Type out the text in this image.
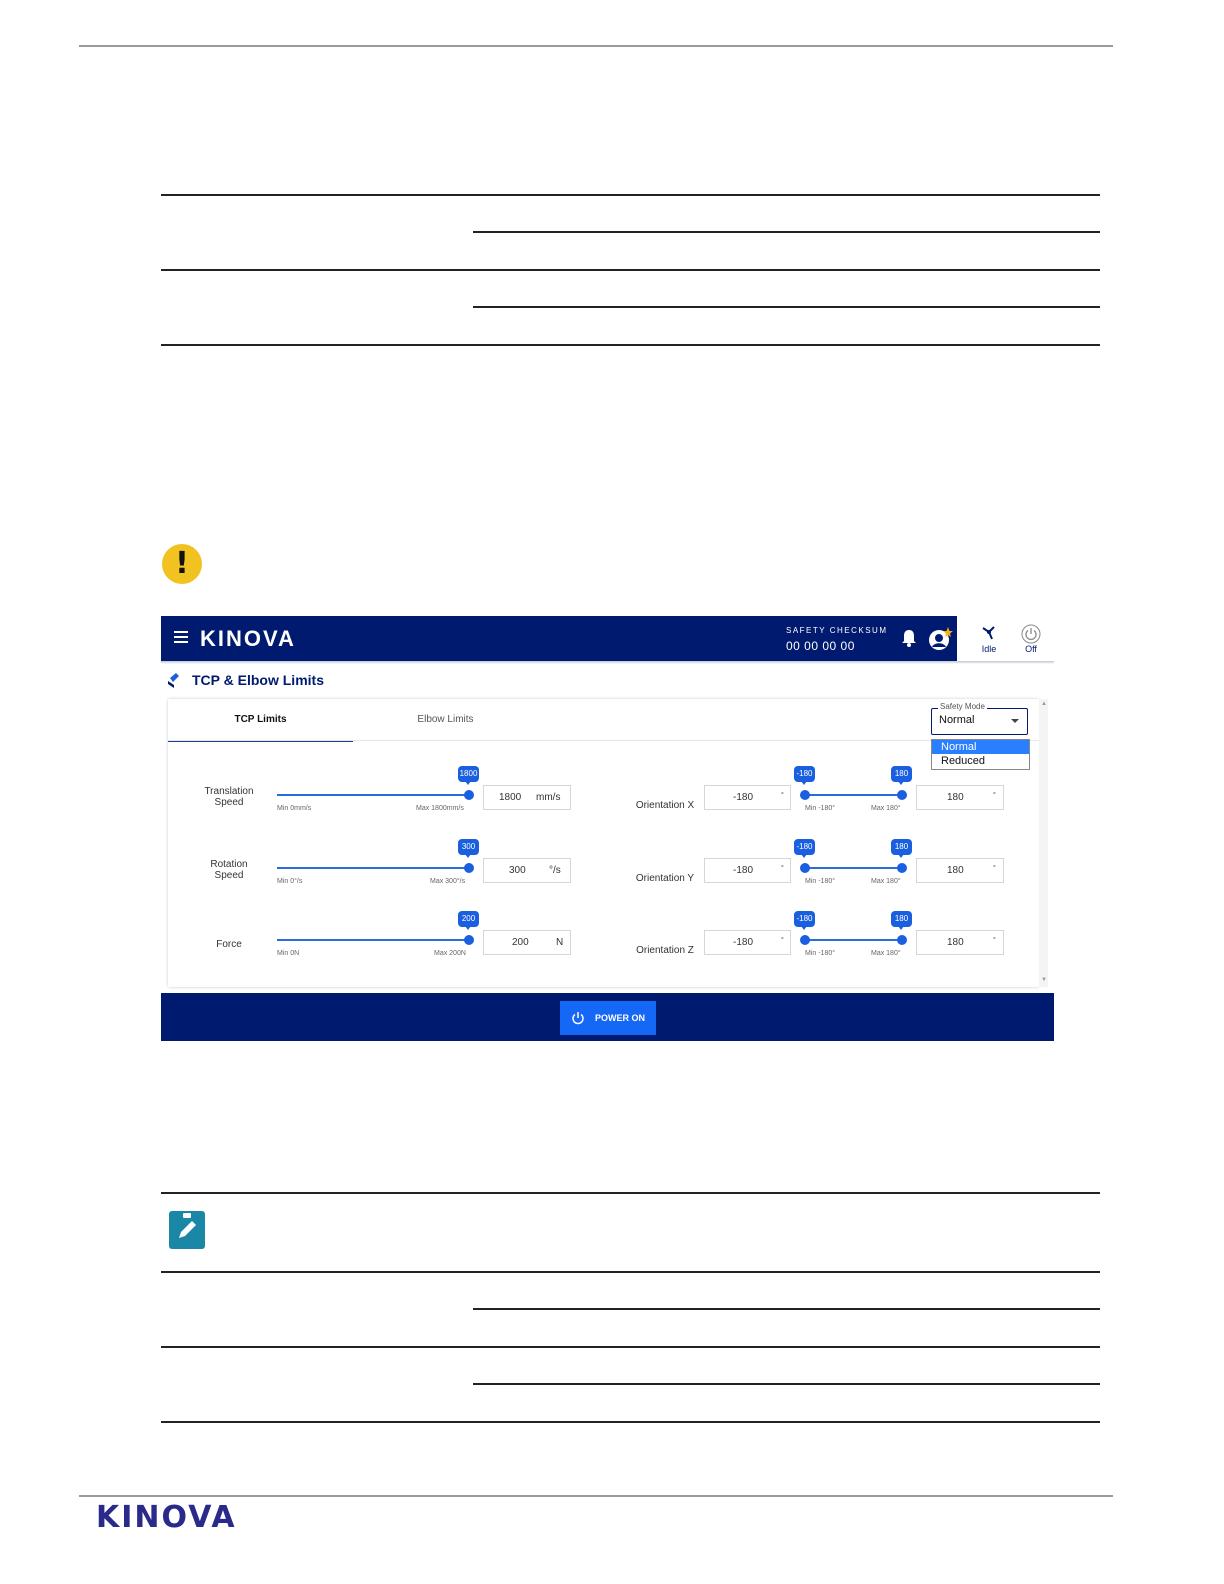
!
KINOVA	SAFETY CHECKSUM
00 00 00 00	Idle	Off
TCP & Elbow Limits
TCP Limits	Elbow Limits
Safety Mode
Normal
Normal
Reduced
Translation
Speed
1800
Min 0mm/s	Max 1800mm/s
1800 mm/s
Rotation
Speed
300
Min 0°/s	Max 300°/s
300 °/s
Force
200
Min 0N	Max 200N
200	N
Orientation X
-180	°
-180	180
Min -180°	Max 180°
180	°
Orientation Y
-180	°
-180	180
Min -180°	Max 180°
180	°
Orientation Z
-180	°
-180	180
Min -180°	Max 180°
180	°
▲
▼
POWER ON
KINOVA
